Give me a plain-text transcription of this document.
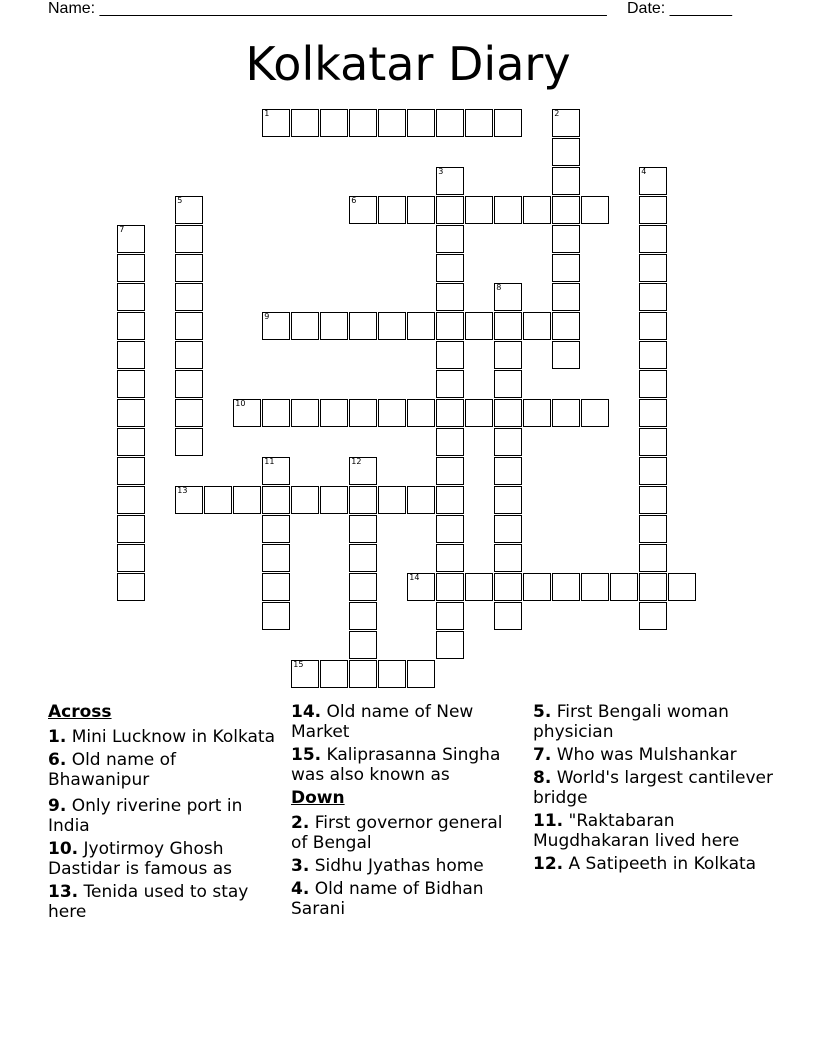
Name: _________________________________________________________ Date: _______
Kolkatar Diary
1	2
3	4
5	6
7
8
9
10
11	12
13
14
15
Across
1. Mini Lucknow in Kolkata
6. Old name of Bhawanipur
9. Only riverine port in India
10. Jyotirmoy Ghosh Dastidar is famous as
13. Tenida used to stay here
14. Old name of New Market
15. Kaliprasanna Singha was also known as
Down
2. First governor general of Bengal
3. Sidhu Jyathas home
4. Old name of Bidhan Sarani
5. First Bengali woman physician
7. Who was Mulshankar
8. World's largest cantilever bridge
11. "Raktabaran Mugdhakaran lived here
12. A Satipeeth in Kolkata
